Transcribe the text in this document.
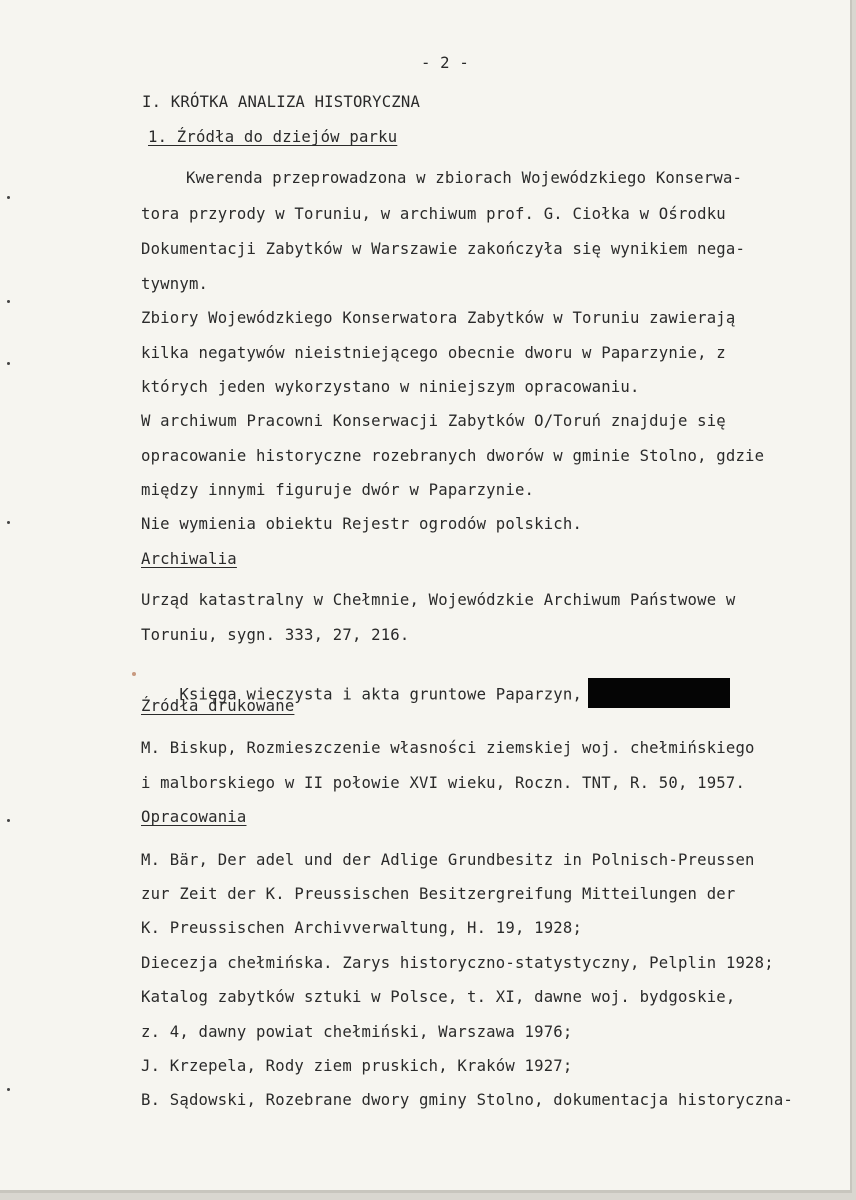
- 2 -
I. KRÓTKA ANALIZA HISTORYCZNA
1. Źródła do dziejów parku
Kwerenda przeprowadzona w zbiorach Wojewódzkiego Konserwa-
tora przyrody w Toruniu, w archiwum prof. G. Ciołka w Ośrodku
Dokumentacji Zabytków w Warszawie zakończyła się wynikiem nega-
tywnym.
Zbiory Wojewódzkiego Konserwatora Zabytków w Toruniu zawierają
kilka negatywów nieistniejącego obecnie dworu w Paparzynie, z
których jeden wykorzystano w niniejszym opracowaniu.
W archiwum Pracowni Konserwacji Zabytków O/Toruń znajduje się
opracowanie historyczne rozebranych dworów w gminie Stolno, gdzie
między innymi figuruje dwór w Paparzynie.
Nie wymienia obiektu Rejestr ogrodów polskich.
Archiwalia
Urząd katastralny w Chełmnie, Wojewódzkie Archiwum Państwowe w
Toruniu, sygn. 333, 27, 216.

Księga wieczysta i akta gruntowe Paparzyn,

Źródła drukowane
M. Biskup, Rozmieszczenie własności ziemskiej woj. chełmińskiego
i malborskiego w II połowie XVI wieku, Roczn. TNT, R. 50, 1957.
Opracowania
M. Bär, Der adel und der Adlige Grundbesitz in Polnisch-Preussen
zur Zeit der K. Preussischen Besitzergreifung Mitteilungen der
K. Preussischen Archivverwaltung, H. 19, 1928;
Diecezja chełmińska. Zarys historyczno-statystyczny, Pelplin 1928;
Katalog zabytków sztuki w Polsce, t. XI, dawne woj. bydgoskie,
z. 4, dawny powiat chełmiński, Warszawa 1976;
J. Krzepela, Rody ziem pruskich, Kraków 1927;
B. Sądowski, Rozebrane dwory gminy Stolno, dokumentacja historyczna-
